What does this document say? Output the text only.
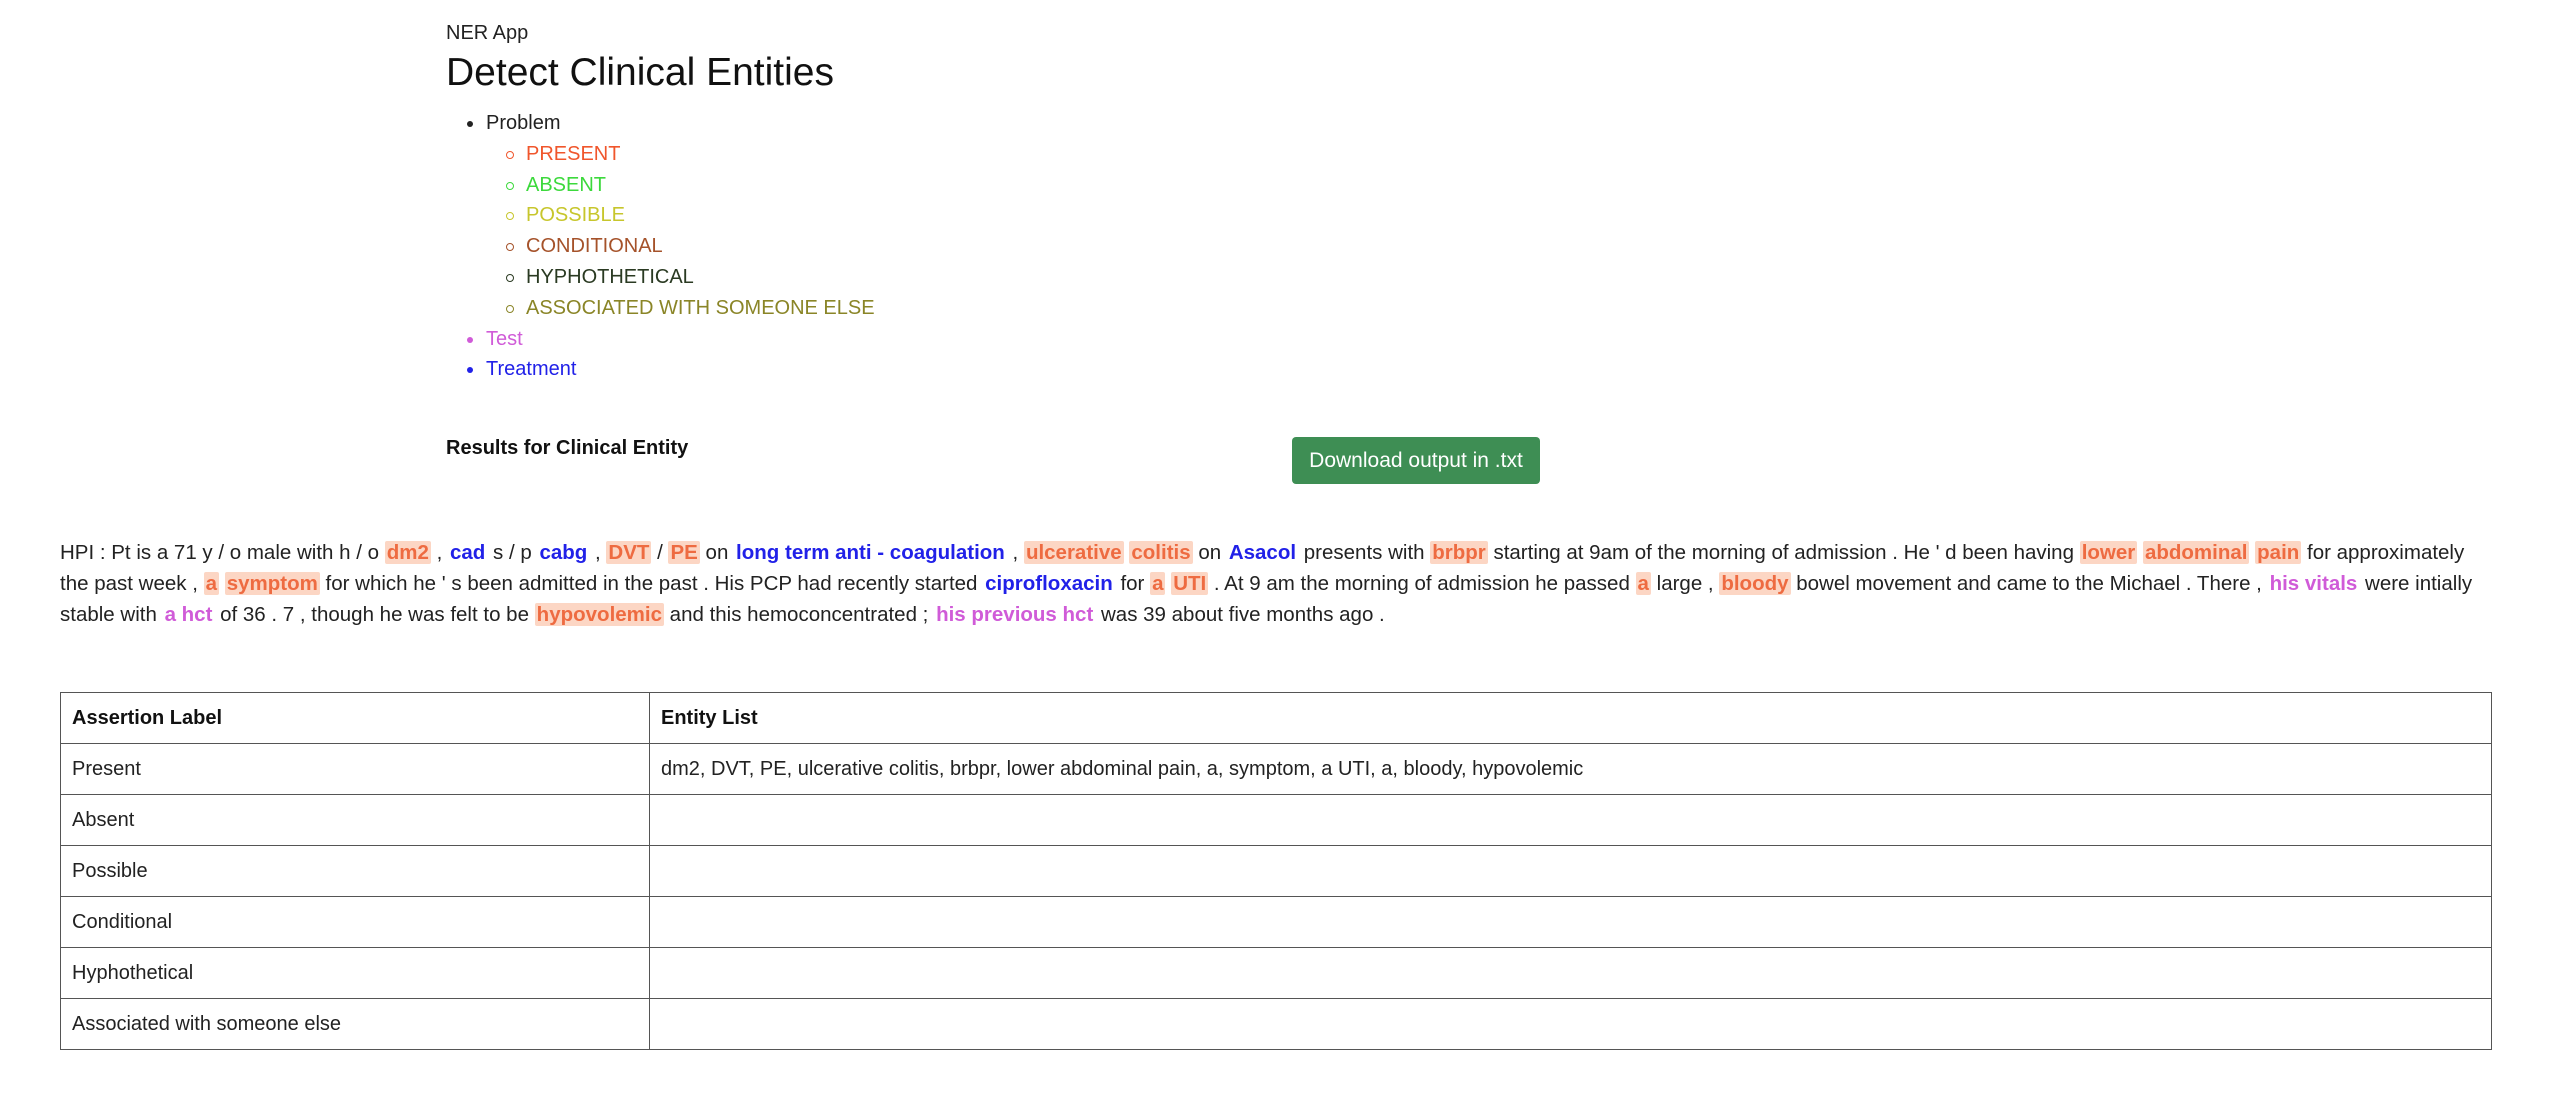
NER App
Detect Clinical Entities
Problem
PRESENT
ABSENT
POSSIBLE
CONDITIONAL
HYPHOTHETICAL
ASSOCIATED WITH SOMEONE ELSE
Test
Treatment
Results for Clinical Entity
Download output in .txt
HPI : Pt is a 71 y / o male with h / o dm2 , cad s / p cabg , DVT / PE on long term anti - coagulation , ulcerative colitis on Asacol presents with brbpr starting at 9am of the morning of admission . He ' d been having lower abdominal pain for approximately the past week , a symptom for which he ' s been admitted in the past . His PCP had recently started ciprofloxacin for a UTI . At 9 am the morning of admission he passed a large , bloody bowel movement and came to the Michael . There , his vitals were intially stable with a hct of 36 . 7 , though he was felt to be hypovolemic and this hemoconcentrated ; his previous hct was 39 about five months ago .
Assertion Label	Entity List
Present	dm2, DVT, PE, ulcerative colitis, brbpr, lower abdominal pain, a, symptom, a UTI, a, bloody, hypovolemic
Absent	
Possible	
Conditional	
Hyphothetical	
Associated with someone else	
